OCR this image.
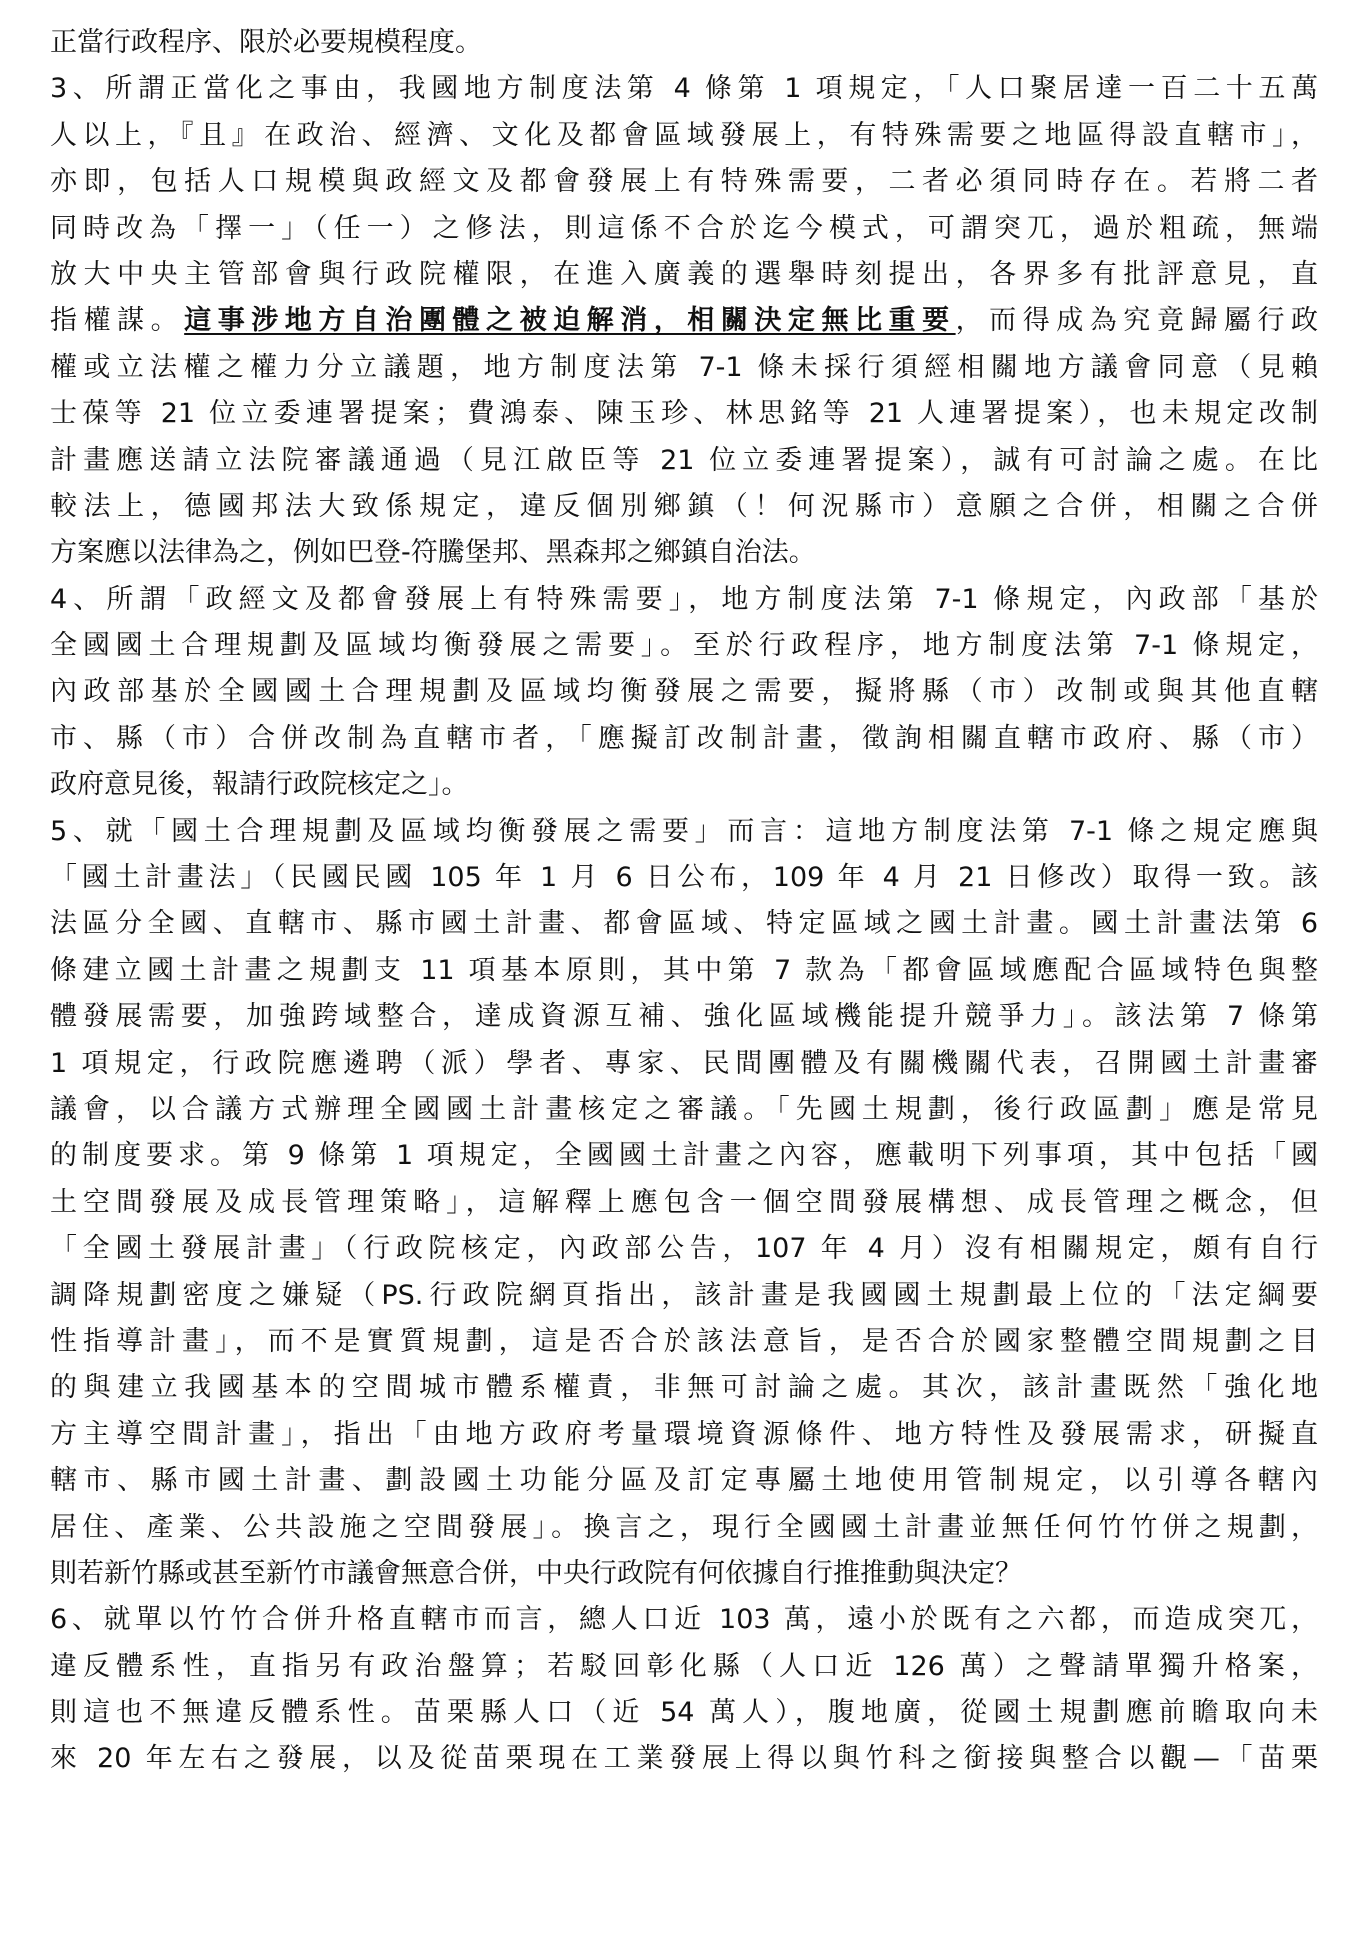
正當行政程序、限於必要規模程度。
3、所謂正當化之事由，我國地方制度法第 4 條第 1 項規定，「人口聚居達一百二十五萬
人以上，『且』在政治、經濟、文化及都會區域發展上，有特殊需要之地區得設直轄市」，
亦即，包括人口規模與政經文及都會發展上有特殊需要，二者必須同時存在。若將二者
同時改為「擇一」（任一）之修法，則這係不合於迄今模式，可謂突兀，過於粗疏，無端
放大中央主管部會與行政院權限，在進入廣義的選舉時刻提出，各界多有批評意見，直
指權謀。這事涉地方自治團體之被迫解消，相關決定無比重要，而得成為究竟歸屬行政
權或立法權之權力分立議題，地方制度法第 7-1 條未採行須經相關地方議會同意（見賴
士葆等 21 位立委連署提案；費鴻泰、陳玉珍、林思銘等 21 人連署提案），也未規定改制
計畫應送請立法院審議通過（見江啟臣等 21 位立委連署提案），誠有可討論之處。在比
較法上，德國邦法大致係規定，違反個別鄉鎮（！何況縣市）意願之合併，相關之合併
方案應以法律為之，例如巴登-符騰堡邦、黑森邦之鄉鎮自治法。
4、所謂「政經文及都會發展上有特殊需要」，地方制度法第 7-1 條規定，內政部「基於
全國國土合理規劃及區域均衡發展之需要」。至於行政程序，地方制度法第 7-1 條規定，
內政部基於全國國土合理規劃及區域均衡發展之需要，擬將縣（市）改制或與其他直轄
市、縣（市）合併改制為直轄市者，「應擬訂改制計畫，徵詢相關直轄市政府、縣（市）
政府意見後，報請行政院核定之」。
5、就「國土合理規劃及區域均衡發展之需要」而言：這地方制度法第 7-1 條之規定應與
「國土計畫法」（民國民國 105 年 1 月 6 日公布，109 年 4 月 21 日修改）取得一致。該
法區分全國、直轄市、縣市國土計畫、都會區域、特定區域之國土計畫。國土計畫法第 6
條建立國土計畫之規劃支 11 項基本原則，其中第 7 款為「都會區域應配合區域特色與整
體發展需要，加強跨域整合，達成資源互補、強化區域機能提升競爭力」。該法第 7 條第
1 項規定，行政院應遴聘（派）學者、專家、民間團體及有關機關代表，召開國土計畫審
議會，以合議方式辦理全國國土計畫核定之審議。「先國土規劃，後行政區劃」應是常見
的制度要求。第 9 條第 1 項規定，全國國土計畫之內容，應載明下列事項，其中包括「國
土空間發展及成長管理策略」，這解釋上應包含一個空間發展構想、成長管理之概念，但
「全國土發展計畫」（行政院核定，內政部公告，107 年 4 月）沒有相關規定，頗有自行
調降規劃密度之嫌疑（PS.行政院網頁指出，該計畫是我國國土規劃最上位的「法定綱要
性指導計畫」，而不是實質規劃，這是否合於該法意旨，是否合於國家整體空間規劃之目
的與建立我國基本的空間城市體系權責，非無可討論之處。其次，該計畫既然「強化地
方主導空間計畫」，指出「由地方政府考量環境資源條件、地方特性及發展需求，研擬直
轄市、縣市國土計畫、劃設國土功能分區及訂定專屬土地使用管制規定，以引導各轄內
居住、產業、公共設施之空間發展」。換言之，現行全國國土計畫並無任何竹竹併之規劃，
則若新竹縣或甚至新竹市議會無意合併，中央行政院有何依據自行推推動與決定？
6、就單以竹竹合併升格直轄市而言，總人口近 103 萬，遠小於既有之六都，而造成突兀，
違反體系性，直指另有政治盤算；若駁回彰化縣（人口近 126 萬）之聲請單獨升格案，
則這也不無違反體系性。苗栗縣人口（近 54 萬人），腹地廣，從國土規劃應前瞻取向未
來 20 年左右之發展，以及從苗栗現在工業發展上得以與竹科之銜接與整合以觀—「苗栗
